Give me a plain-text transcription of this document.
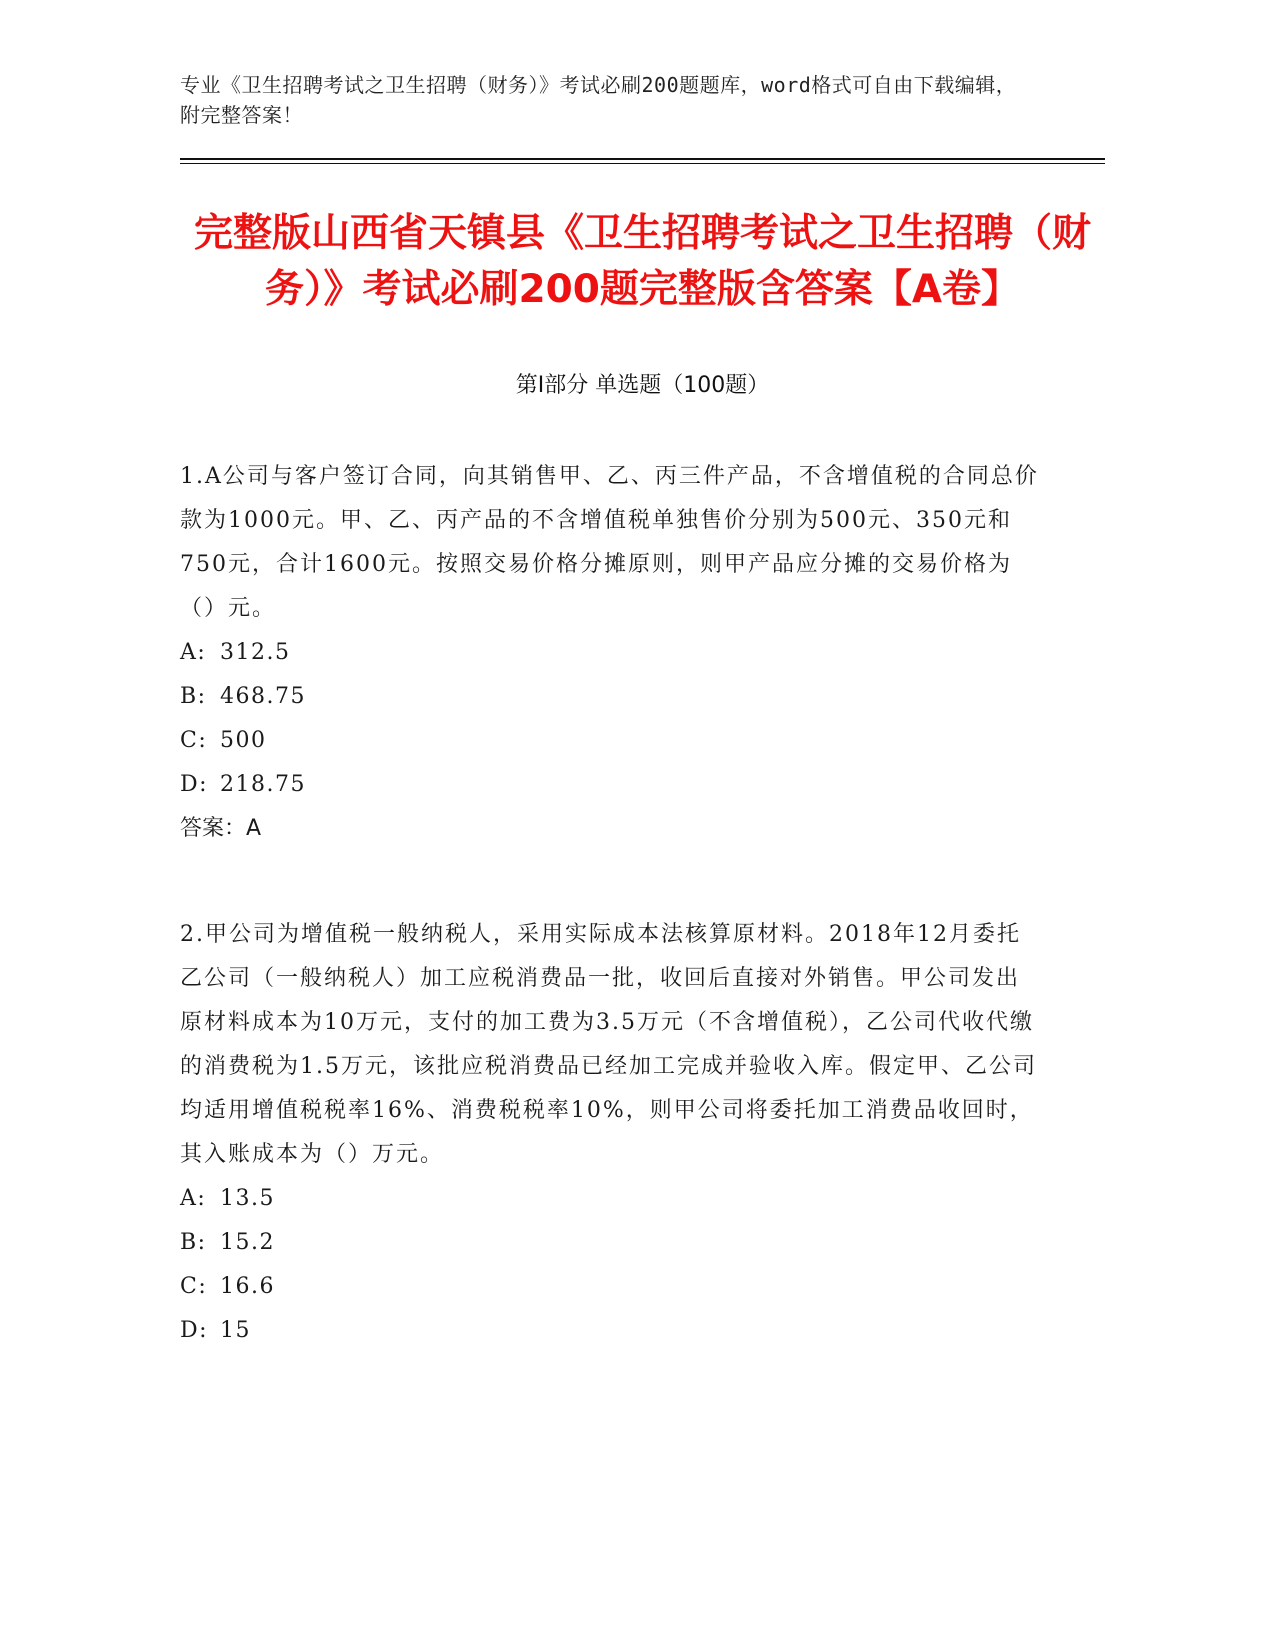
专业《卫生招聘考试之卫生招聘（财务）》考试必刷200题题库，word格式可自由下载编辑，附完整答案！
完整版山西省天镇县《卫生招聘考试之卫生招聘（财务）》考试必刷200题完整版含答案【A卷】
第I部分 单选题（100题）
1.A公司与客户签订合同，向其销售甲、乙、丙三件产品，不含增值税的合同总价款为1000元。甲、乙、丙产品的不含增值税单独售价分别为500元、350元和750元，合计1600元。按照交易价格分摊原则，则甲产品应分摊的交易价格为（）元。
A: 312.5
B: 468.75
C: 500
D: 218.75
答案：A
2.甲公司为增值税一般纳税人，采用实际成本法核算原材料。2018年12月委托乙公司（一般纳税人）加工应税消费品一批，收回后直接对外销售。甲公司发出原材料成本为10万元，支付的加工费为3.5万元（不含增值税），乙公司代收代缴的消费税为1.5万元，该批应税消费品已经加工完成并验收入库。假定甲、乙公司均适用增值税税率16%、消费税税率10%，则甲公司将委托加工消费品收回时，其入账成本为（）万元。
A: 13.5
B: 15.2
C: 16.6
D: 15
